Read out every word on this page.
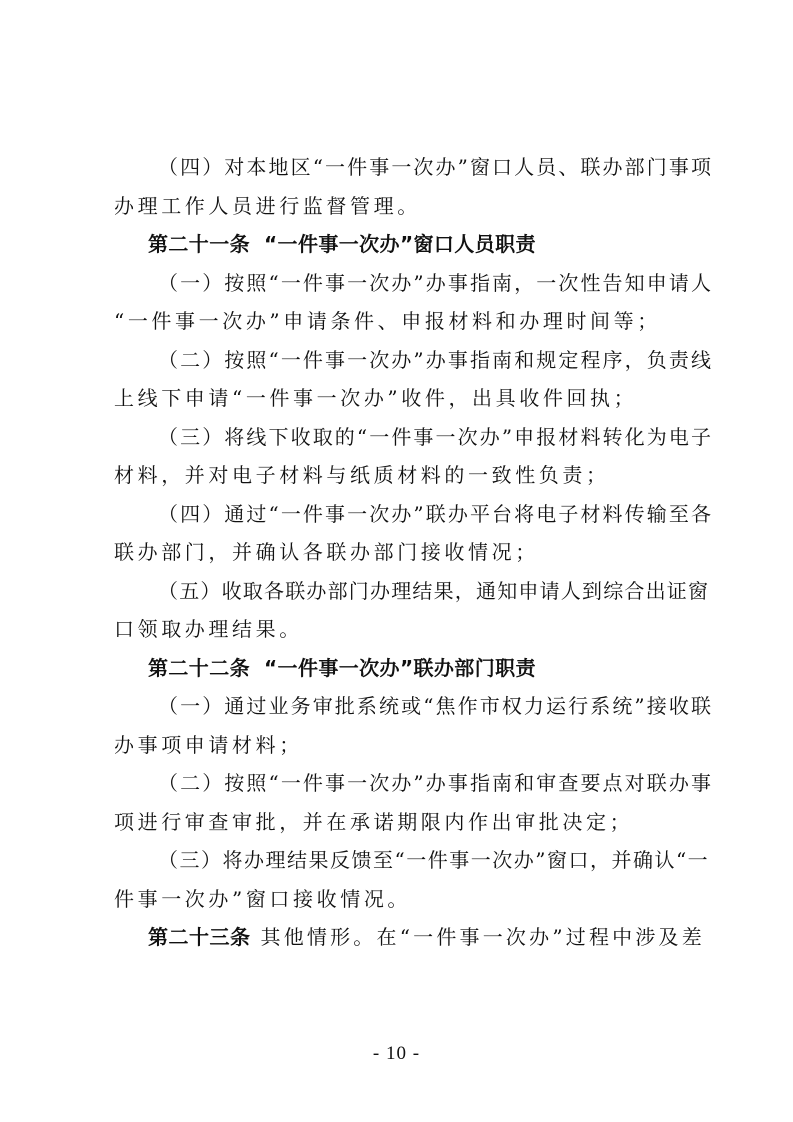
（四）对本地区“一件事一次办”窗口人员、联办部门事项
办理工作人员进行监督管理。
第二十一条 “一件事一次办”窗口人员职责
（一）按照“一件事一次办”办事指南，一次性告知申请人
“一件事一次办”申请条件、申报材料和办理时间等；
（二）按照“一件事一次办”办事指南和规定程序，负责线
上线下申请“一件事一次办”收件，出具收件回执；
（三）将线下收取的“一件事一次办”申报材料转化为电子
材料，并对电子材料与纸质材料的一致性负责；
（四）通过“一件事一次办”联办平台将电子材料传输至各
联办部门，并确认各联办部门接收情况；
（五）收取各联办部门办理结果，通知申请人到综合出证窗
口领取办理结果。
第二十二条 “一件事一次办”联办部门职责
（一）通过业务审批系统或“焦作市权力运行系统”接收联
办事项申请材料；
（二）按照“一件事一次办”办事指南和审查要点对联办事
项进行审查审批，并在承诺期限内作出审批决定；
（三）将办理结果反馈至“一件事一次办”窗口，并确认“一
件事一次办”窗口接收情况。
第二十三条 其他情形。在“一件事一次办”过程中涉及差
- 10 -
